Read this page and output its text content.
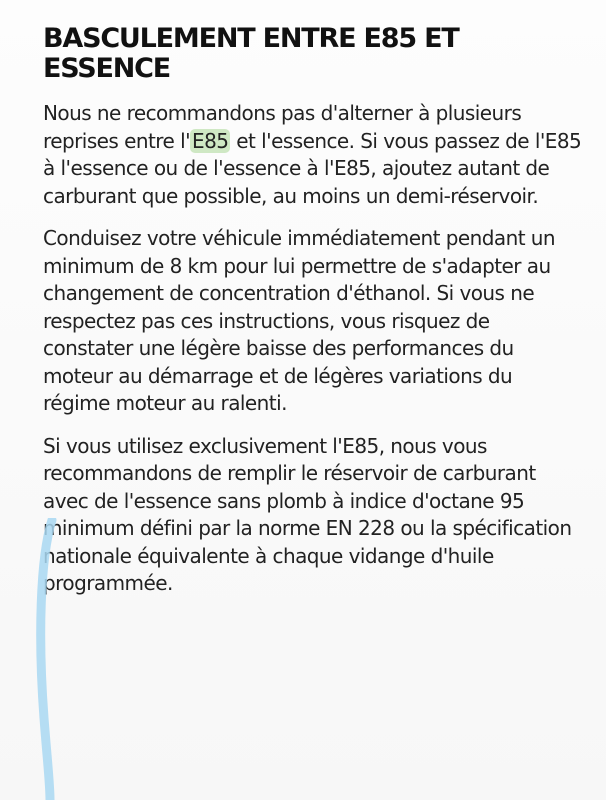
BASCULEMENT ENTRE E85 ET ESSENCE

Nous ne recommandons pas d'alterner à plusieurs reprises entre l' E85 et l'essence. Si vous passez de l'E85 à l'essence ou de l'essence à l'E85, ajoutez autant de carburant que possible, au moins un demi-réservoir.

Conduisez votre véhicule immédiatement pendant un minimum de 8 km pour lui permettre de s'adapter au changement de concentration d'éthanol. Si vous ne respectez pas ces instructions, vous risquez de constater une légère baisse des performances du moteur au démarrage et de légères variations du régime moteur au ralenti.

Si vous utilisez exclusivement l'E85, nous vous recommandons de remplir le réservoir de carburant avec de l'essence sans plomb à indice d'octane 95 minimum défini par la norme EN 228 ou la spécification nationale équivalente à chaque vidange d'huile programmée.
